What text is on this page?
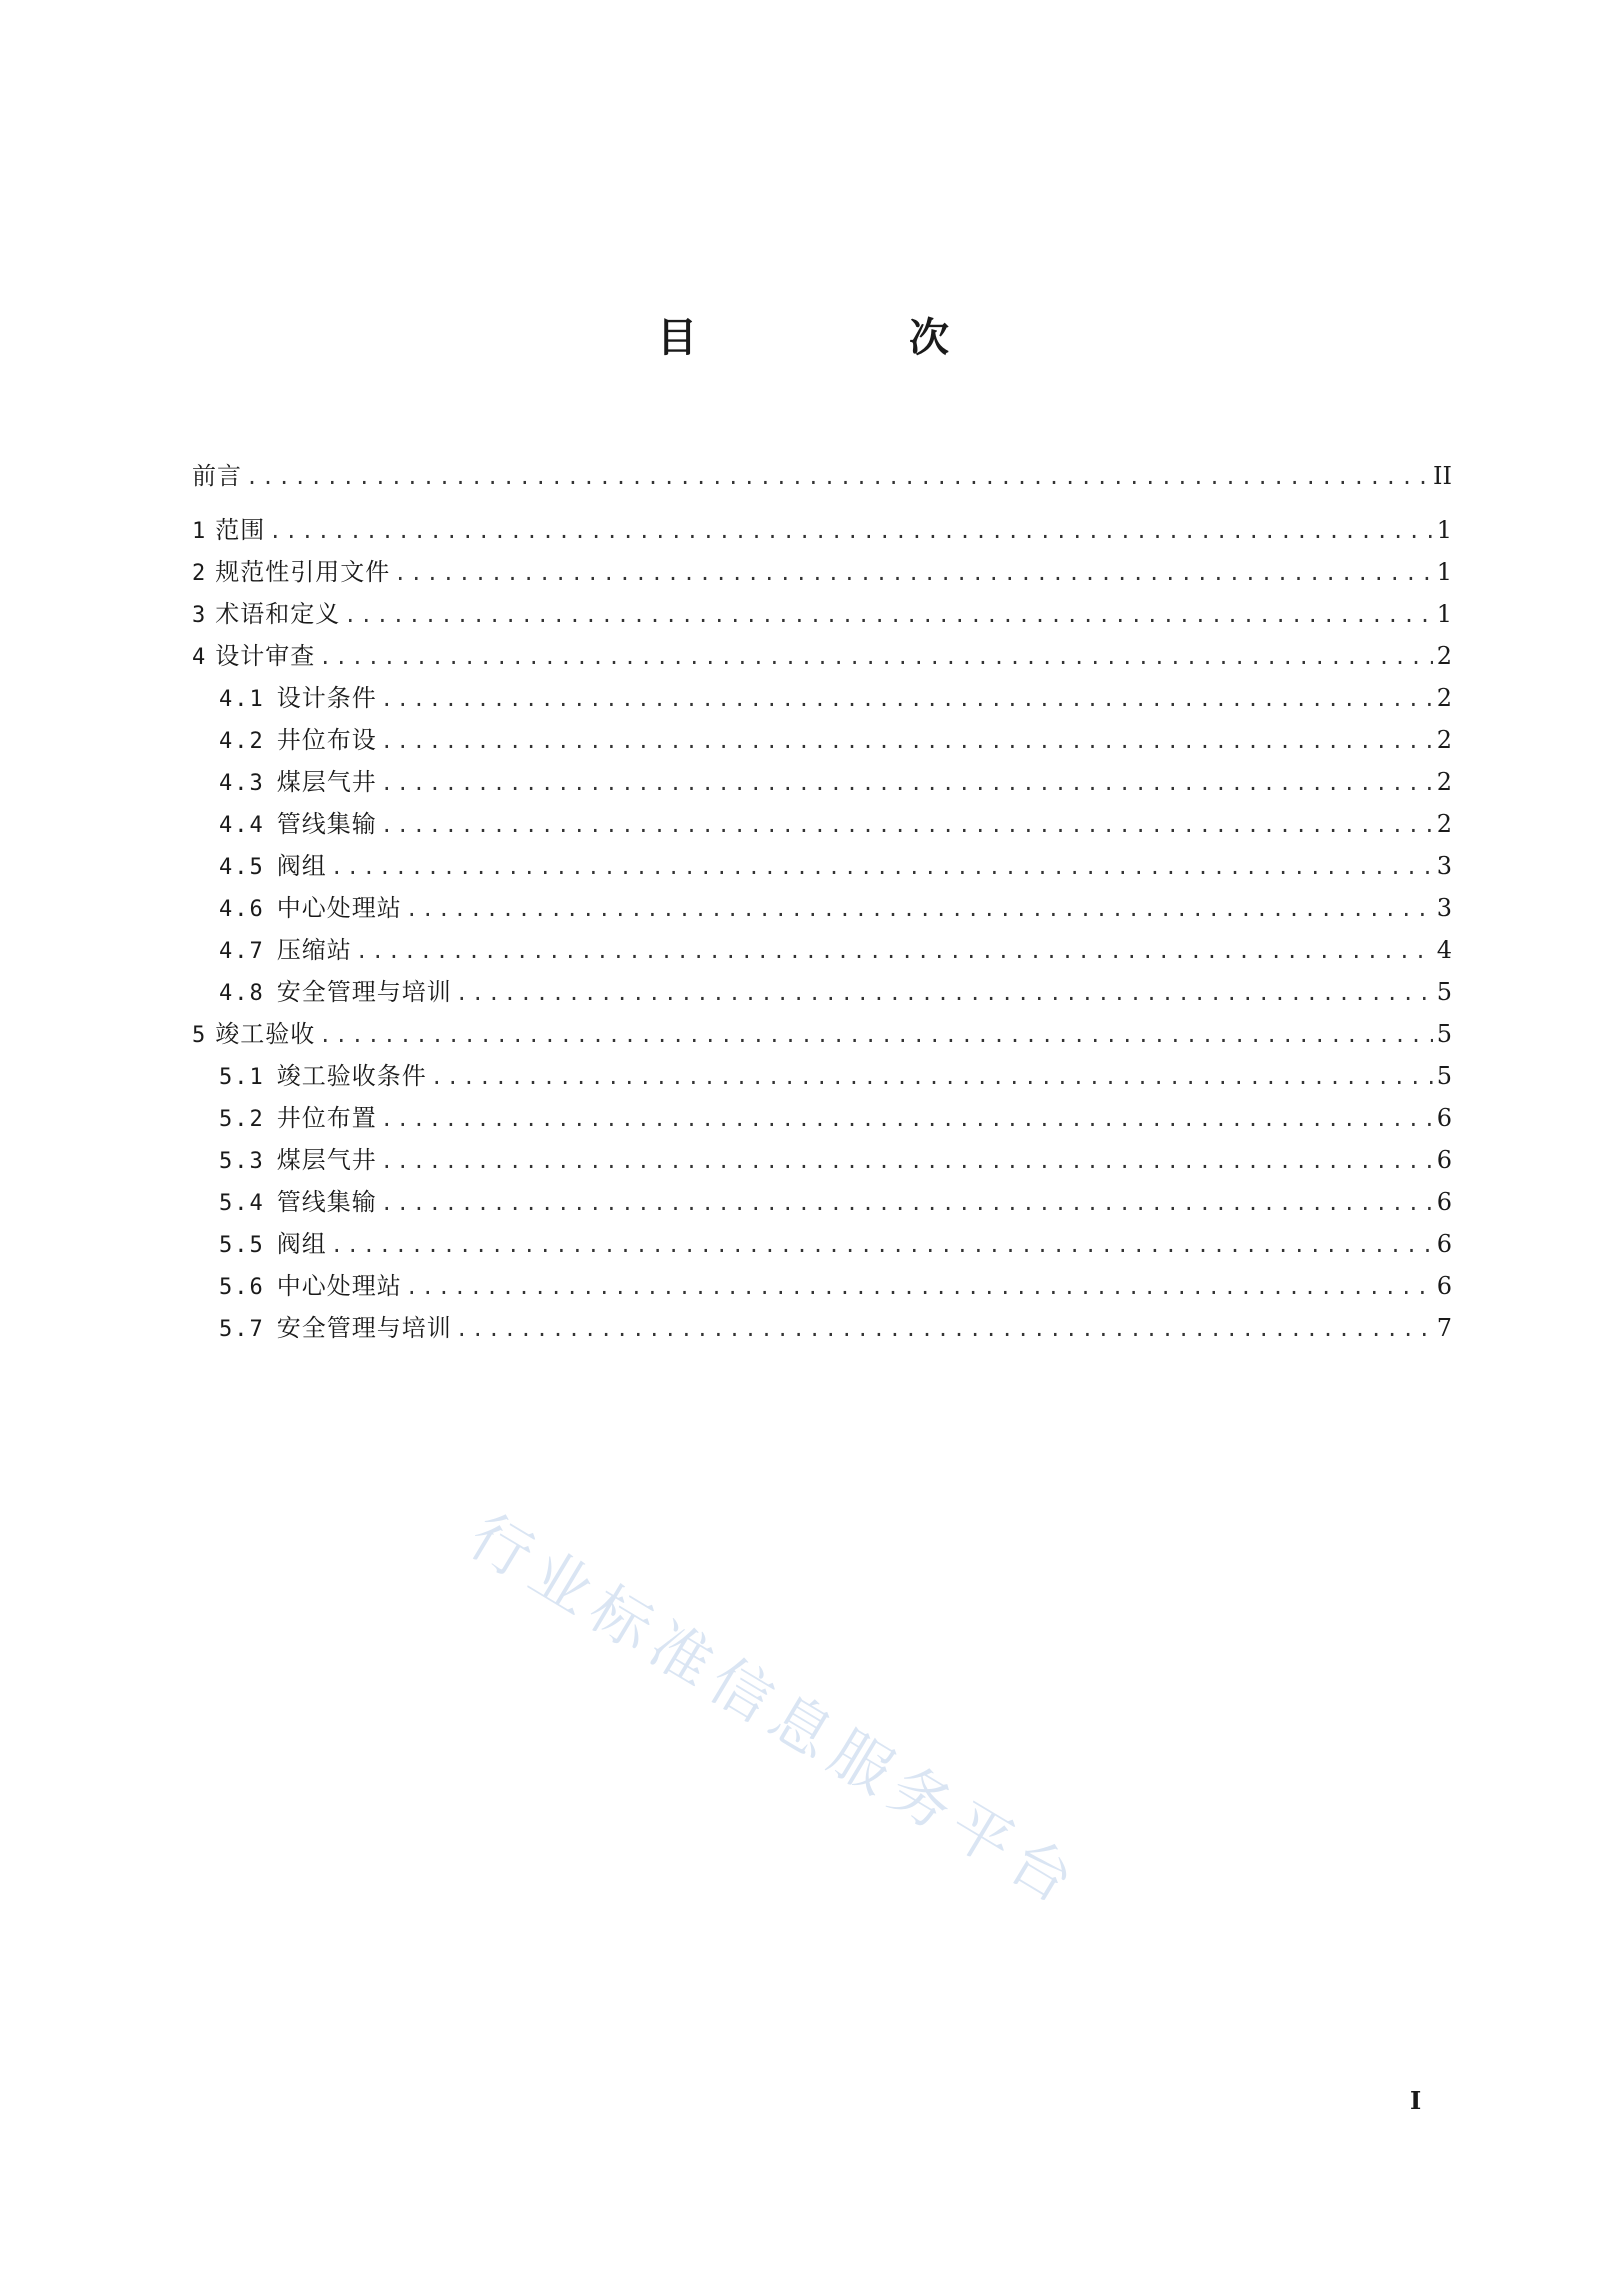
目　次
前言 .....	II
1 范围 .....	1
2 规范性引用文件 .....	1
3 术语和定义 .....	1
4 设计审查 .....	2
4.1 设计条件 .....	2
4.2 井位布设 .....	2
4.3 煤层气井 .....	2
4.4 管线集输 .....	2
4.5 阀组 .....	3
4.6 中心处理站 .....	3
4.7 压缩站 .....	4
4.8 安全管理与培训 .....	5
5 竣工验收 .....	5
5.1 竣工验收条件 .....	5
5.2 井位布置 .....	6
5.3 煤层气井 .....	6
5.4 管线集输 .....	6
5.5 阀组 .....	6
5.6 中心处理站 .....	6
5.7 安全管理与培训 .....	7
行业标准信息服务平台
I
